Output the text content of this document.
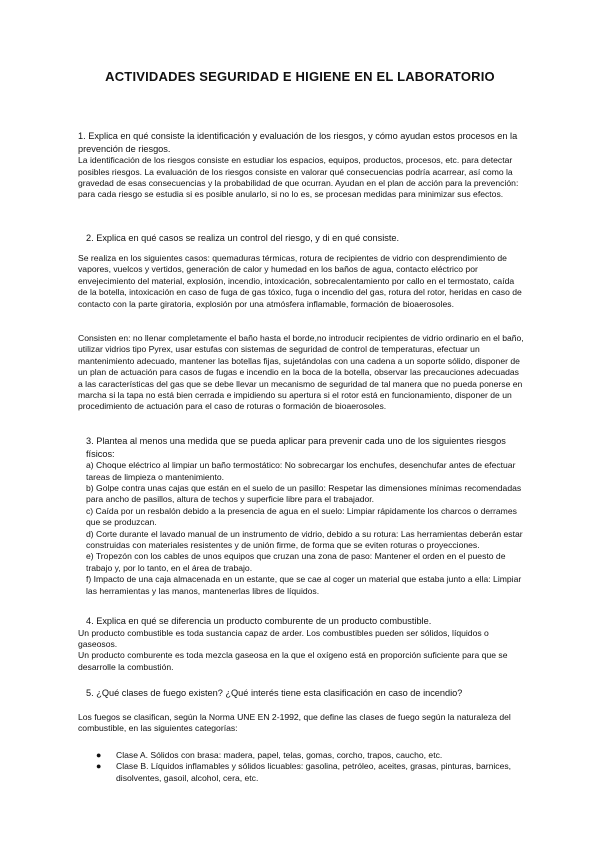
ACTIVIDADES SEGURIDAD E HIGIENE EN EL LABORATORIO

1. Explica en qué consiste la identificación y evaluación de los riesgos, y cómo ayudan estos procesos en la prevención de riesgos.

La identificación de los riesgos consiste en estudiar los espacios, equipos, productos, procesos, etc. para detectar posibles riesgos. La evaluación de los riesgos consiste en valorar qué consecuencias podría acarrear, así como la gravedad de esas consecuencias y la probabilidad de que ocurran. Ayudan en el plan de acción para la prevención: para cada riesgo se estudia si es posible anularlo, si no lo es, se procesan medidas para minimizar sus efectos.

2. Explica en qué casos se realiza un control del riesgo, y di en qué consiste.

Se realiza en los siguientes casos: quemaduras térmicas, rotura de recipientes de vidrio con desprendimiento de vapores, vuelcos y vertidos, generación de calor y humedad en los baños de agua, contacto eléctrico por envejecimiento del material, explosión, incendio, intoxicación, sobrecalentamiento por callo en el termostato, caída de la botella, intoxicación en caso de fuga de gas tóxico, fuga o incendio del gas, rotura del rotor, heridas en caso de contacto con la parte giratoria, explosión por una atmósfera inflamable, formación de bioaerosoles.

Consisten en: no llenar completamente el baño hasta el borde,no introducir recipientes de vidrio ordinario en el baño, utilizar vidrios tipo Pyrex, usar estufas con sistemas de seguridad de control de temperaturas, efectuar un mantenimiento adecuado, mantener las botellas fijas, sujetándolas con una cadena a un soporte sólido, disponer de un plan de actuación para casos de fugas e incendio en la boca de la botella, observar las precauciones adecuadas a las características del gas que se debe llevar un mecanismo de seguridad de tal manera que no pueda ponerse en marcha si la tapa no está bien cerrada e impidiendo su apertura si el rotor está en funcionamiento, disponer de un procedimiento de actuación para el caso de roturas o formación de bioaerosoles.

3. Plantea al menos una medida que se pueda aplicar para prevenir cada uno de los siguientes riesgos físicos:

a) Choque eléctrico al limpiar un baño termostático: No sobrecargar los enchufes, desenchufar antes de efectuar tareas de limpieza o mantenimiento.

b) Golpe contra unas cajas que están en el suelo de un pasillo: Respetar las dimensiones mínimas recomendadas para ancho de pasillos, altura de techos y superficie libre para el trabajador.

c) Caída por un resbalón debido a la presencia de agua en el suelo: Limpiar rápidamente los charcos o derrames que se produzcan.

d) Corte durante el lavado manual de un instrumento de vidrio, debido a su rotura: Las herramientas deberán estar construidas con materiales resistentes y de unión firme, de forma que se eviten roturas o proyecciones.

e) Tropezón con los cables de unos equipos que cruzan una zona de paso: Mantener el orden en el puesto de trabajo y, por lo tanto, en el área de trabajo.

f) Impacto de una caja almacenada en un estante, que se cae al coger un material que estaba junto a ella: Limpiar las herramientas y las manos, mantenerlas libres de líquidos.

4. Explica en qué se diferencia un producto comburente de un producto combustible.

Un producto combustible es toda sustancia capaz de arder. Los combustibles pueden ser sólidos, líquidos o gaseosos.

Un producto comburente es toda mezcla gaseosa en la que el oxígeno está en proporción suficiente para que se desarrolle la combustión.

5. ¿Qué clases de fuego existen? ¿Qué interés tiene esta clasificación en caso de incendio?

Los fuegos se clasifican, según la Norma UNE EN 2-1992, que define las clases de fuego según la naturaleza del combustible, en las siguientes categorías:

● Clase A. Sólidos con brasa: madera, papel, telas, gomas, corcho, trapos, caucho, etc.
● Clase B. Líquidos inflamables y sólidos licuables: gasolina, petróleo, aceites, grasas, pinturas, barnices, disolventes, gasoil, alcohol, cera, etc.
